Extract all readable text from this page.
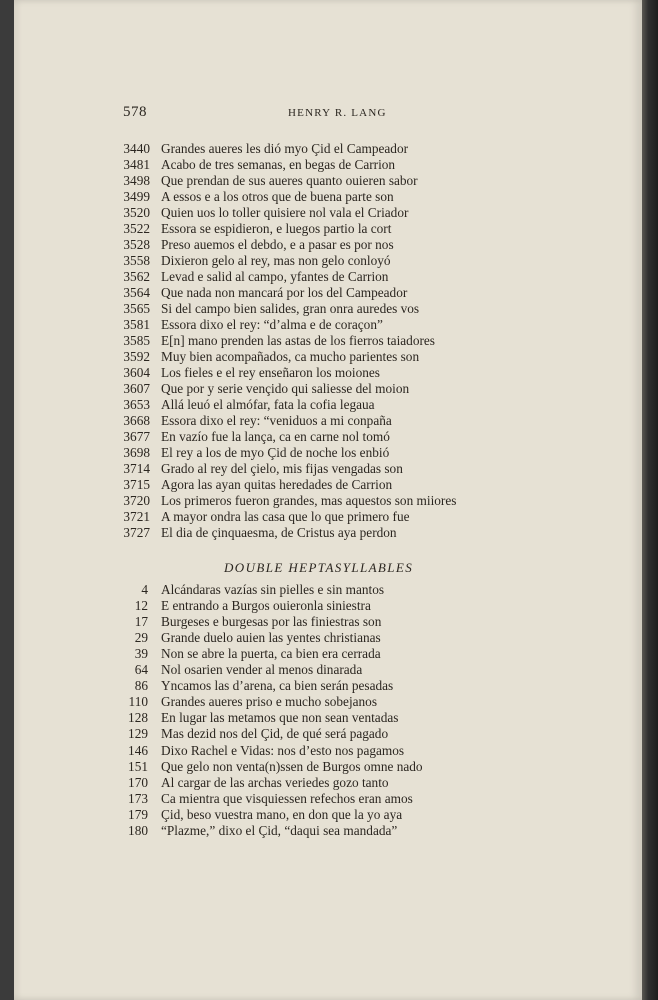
578	HENRY R. LANG
3440 Grandes aueres les dió myo Çid el Campeador
3481 Acabo de tres semanas, en begas de Carrion
3498 Que prendan de sus aueres quanto ouieren sabor
3499 A essos e a los otros que de buena parte son
3520 Quien uos lo toller quisiere nol vala el Criador
3522 Essora se espidieron, e luegos partio la cort
3528 Preso auemos el debdo, e a pasar es por nos
3558 Dixieron gelo al rey, mas non gelo conloyó
3562 Levad e salid al campo, yfantes de Carrion
3564 Que nada non mancará por los del Campeador
3565 Si del campo bien salides, gran onra auredes vos
3581 Essora dixo el rey: “d’alma e de coraçon”
3585 E[n] mano prenden las astas de los fierros taiadores
3592 Muy bien acompañados, ca mucho parientes son
3604 Los fieles e el rey enseñaron los moiones
3607 Que por y serie vençido qui saliesse del moion
3653 Allá leuó el almófar, fata la cofia legaua
3668 Essora dixo el rey: “veniduos a mi conpaña
3677 En vazío fue la lança, ca en carne nol tomó
3698 El rey a los de myo Çid de noche los enbió
3714 Grado al rey del çielo, mis fijas vengadas son
3715 Agora las ayan quitas heredades de Carrion
3720 Los primeros fueron grandes, mas aquestos son miiores
3721 A mayor ondra las casa que lo que primero fue
3727 El dia de çinquaesma, de Cristus aya perdon
DOUBLE HEPTASYLLABLES
4 Alcándaras vazías sin pielles e sin mantos
12 E entrando a Burgos ouieronla siniestra
17 Burgeses e burgesas por las finiestras son
29 Grande duelo auien las yentes christianas
39 Non se abre la puerta, ca bien era cerrada
64 Nol osarien vender al menos dinarada
86 Yncamos las d’arena, ca bien serán pesadas
110 Grandes aueres priso e mucho sobejanos
128 En lugar las metamos que non sean ventadas
129 Mas dezid nos del Çid, de qué será pagado
146 Dixo Rachel e Vidas: nos d’esto nos pagamos
151 Que gelo non venta(n)ssen de Burgos omne nado
170 Al cargar de las archas veriedes gozo tanto
173 Ca mientra que visquiessen refechos eran amos
179 Çid, beso vuestra mano, en don que la yo aya
180 “Plazme,” dixo el Çid, “daqui sea mandada”
